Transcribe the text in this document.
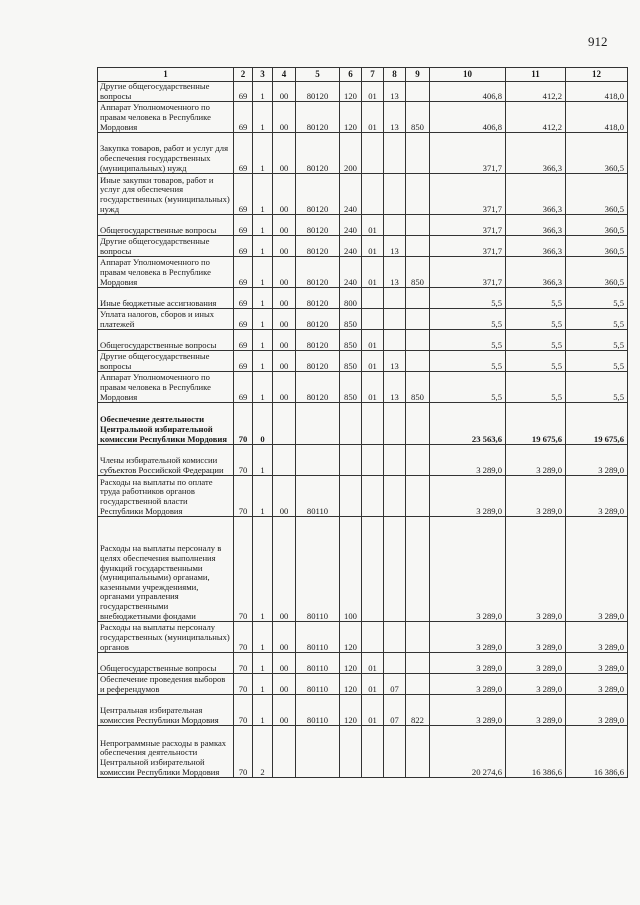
912
1	2	3	4	5	6	7	8	9	10	11	12
Другие общегосударственные вопросы	69	1	00	80120	120	01	13		406,8	412,2	418,0
Аппарат Уполномоченного по правам человека в Республике Мордовия	69	1	00	80120	120	01	13	850	406,8	412,2	418,0
Закупка товаров, работ и услуг для обеспечения государственных (муниципальных) нужд	69	1	00	80120	200				371,7	366,3	360,5
Иные закупки товаров, работ и услуг для обеспечения государственных (муниципальных) нужд	69	1	00	80120	240				371,7	366,3	360,5
Общегосударственные вопросы	69	1	00	80120	240	01			371,7	366,3	360,5
Другие общегосударственные вопросы	69	1	00	80120	240	01	13		371,7	366,3	360,5
Аппарат Уполномоченного по правам человека в Республике Мордовия	69	1	00	80120	240	01	13	850	371,7	366,3	360,5
Иные бюджетные ассигнования	69	1	00	80120	800				5,5	5,5	5,5
Уплата налогов, сборов и иных платежей	69	1	00	80120	850				5,5	5,5	5,5
Общегосударственные вопросы	69	1	00	80120	850	01			5,5	5,5	5,5
Другие общегосударственные вопросы	69	1	00	80120	850	01	13		5,5	5,5	5,5
Аппарат Уполномоченного по правам человека в Республике Мордовия	69	1	00	80120	850	01	13	850	5,5	5,5	5,5
Обеспечение деятельности Центральной избирательной комиссии Республики Мордовия	70	0							23 563,6	19 675,6	19 675,6
Члены избирательной комиссии субъектов Российской Федерации	70	1							3 289,0	3 289,0	3 289,0
Расходы на выплаты по оплате труда работников органов государственной власти Республики Мордовия	70	1	00	80110					3 289,0	3 289,0	3 289,0
Расходы на выплаты персоналу в целях обеспечения выполнения функций государственными (муниципальными) органами, казенными учреждениями, органами управления государственными внебюджетными фондами	70	1	00	80110	100				3 289,0	3 289,0	3 289,0
Расходы на выплаты персоналу государственных (муниципальных) органов	70	1	00	80110	120				3 289,0	3 289,0	3 289,0
Общегосударственные вопросы	70	1	00	80110	120	01			3 289,0	3 289,0	3 289,0
Обеспечение проведения выборов и референдумов	70	1	00	80110	120	01	07		3 289,0	3 289,0	3 289,0
Центральная избирательная комиссия Республики Мордовия	70	1	00	80110	120	01	07	822	3 289,0	3 289,0	3 289,0
Непрограммные расходы в рамках обеспечения деятельности Центральной избирательной комиссии Республики Мордовия	70	2							20 274,6	16 386,6	16 386,6
